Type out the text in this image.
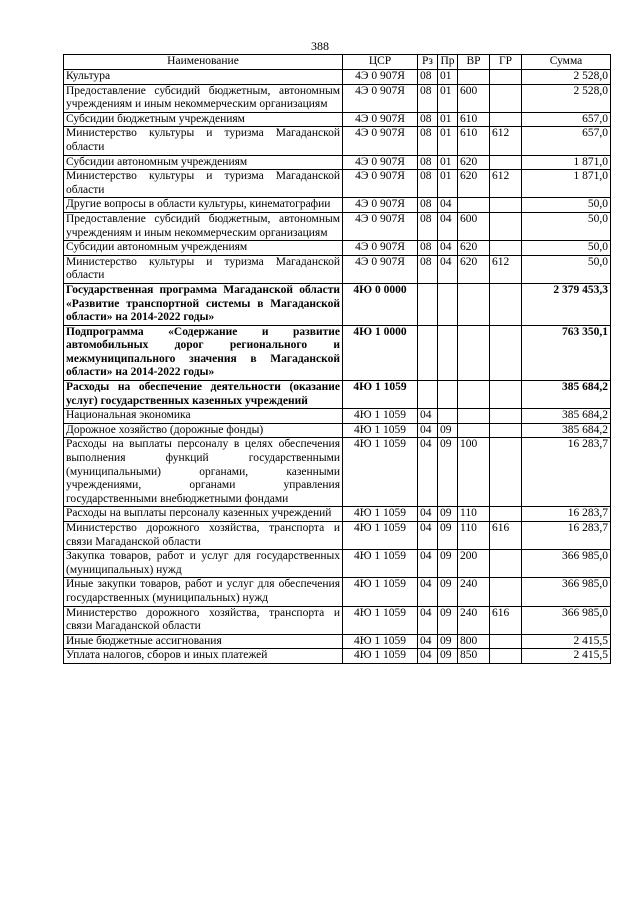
388
Наименование	ЦСР	Рз	Пр	ВР	ГР	Сумма
Культура	4Э 0 907Я	08	01			2 528,0
Предоставление субсидий бюджетным, автономным учреждениям и иным некоммерческим организациям	4Э 0 907Я	08	01	600		2 528,0
Субсидии бюджетным учреждениям	4Э 0 907Я	08	01	610		657,0
Министерство культуры и туризма Магаданской области	4Э 0 907Я	08	01	610	612	657,0
Субсидии автономным учреждениям	4Э 0 907Я	08	01	620		1 871,0
Министерство культуры и туризма Магаданской области	4Э 0 907Я	08	01	620	612	1 871,0
Другие вопросы в области культуры, кинематографии	4Э 0 907Я	08	04			50,0
Предоставление субсидий бюджетным, автономным учреждениям и иным некоммерческим организациям	4Э 0 907Я	08	04	600		50,0
Субсидии автономным учреждениям	4Э 0 907Я	08	04	620		50,0
Министерство культуры и туризма Магаданской области	4Э 0 907Я	08	04	620	612	50,0
Государственная программа Магаданской области «Развитие транспортной системы в Магаданской области» на 2014-2022 годы»	4Ю 0 0000					2 379 453,3
Подпрограмма «Содержание и развитие автомобильных дорог регионального и межмуниципального значения в Магаданской области» на 2014-2022 годы»	4Ю 1 0000					763 350,1
Расходы на обеспечение деятельности (оказание услуг) государственных казенных учреждений	4Ю 1 1059					385 684,2
Национальная экономика	4Ю 1 1059	04				385 684,2
Дорожное хозяйство (дорожные фонды)	4Ю 1 1059	04	09			385 684,2
Расходы на выплаты персоналу в целях обеспечения выполнения функций государственными (муниципальными) органами, казенными учреждениями, органами управления государственными внебюджетными фондами	4Ю 1 1059	04	09	100		16 283,7
Расходы на выплаты персоналу казенных учреждений	4Ю 1 1059	04	09	110		16 283,7
Министерство дорожного хозяйства, транспорта и связи Магаданской области	4Ю 1 1059	04	09	110	616	16 283,7
Закупка товаров, работ и услуг для государственных (муниципальных) нужд	4Ю 1 1059	04	09	200		366 985,0
Иные закупки товаров, работ и услуг для обеспечения государственных (муниципальных) нужд	4Ю 1 1059	04	09	240		366 985,0
Министерство дорожного хозяйства, транспорта и связи Магаданской области	4Ю 1 1059	04	09	240	616	366 985,0
Иные бюджетные ассигнования	4Ю 1 1059	04	09	800		2 415,5
Уплата налогов, сборов и иных платежей	4Ю 1 1059	04	09	850		2 415,5
